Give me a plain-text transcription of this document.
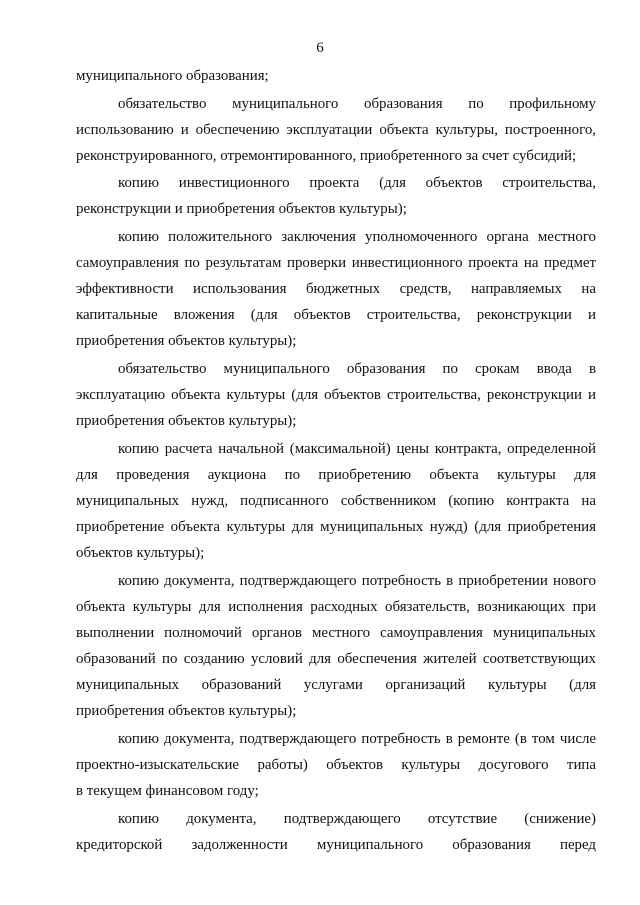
6
муниципального образования;
обязательство муниципального образования по профильному
использованию и обеспечению эксплуатации объекта культуры, построенного,
реконструированного, отремонтированного, приобретенного за счет субсидий;
копию инвестиционного проекта (для объектов строительства,
реконструкции и приобретения объектов культуры);
копию положительного заключения уполномоченного органа местного
самоуправления по результатам проверки инвестиционного проекта на предмет
эффективности использования бюджетных средств, направляемых на
капитальные вложения (для объектов строительства, реконструкции и
приобретения объектов культуры);
обязательство муниципального образования по срокам ввода в
эксплуатацию объекта культуры (для объектов строительства, реконструкции и
приобретения объектов культуры);
копию расчета начальной (максимальной) цены контракта, определенной
для проведения аукциона по приобретению объекта культуры для
муниципальных нужд, подписанного собственником (копию контракта на
приобретение объекта культуры для муниципальных нужд) (для приобретения
объектов культуры);
копию документа, подтверждающего потребность в приобретении нового
объекта культуры для исполнения расходных обязательств, возникающих при
выполнении полномочий органов местного самоуправления муниципальных
образований по созданию условий для обеспечения жителей соответствующих
муниципальных образований услугами организаций культуры (для
приобретения объектов культуры);
копию документа, подтверждающего потребность в ремонте (в том числе
проектно-изыскательские работы) объектов культуры досугового типа
в текущем финансовом году;
копию документа, подтверждающего отсутствие (снижение)
кредиторской задолженности муниципального образования перед
